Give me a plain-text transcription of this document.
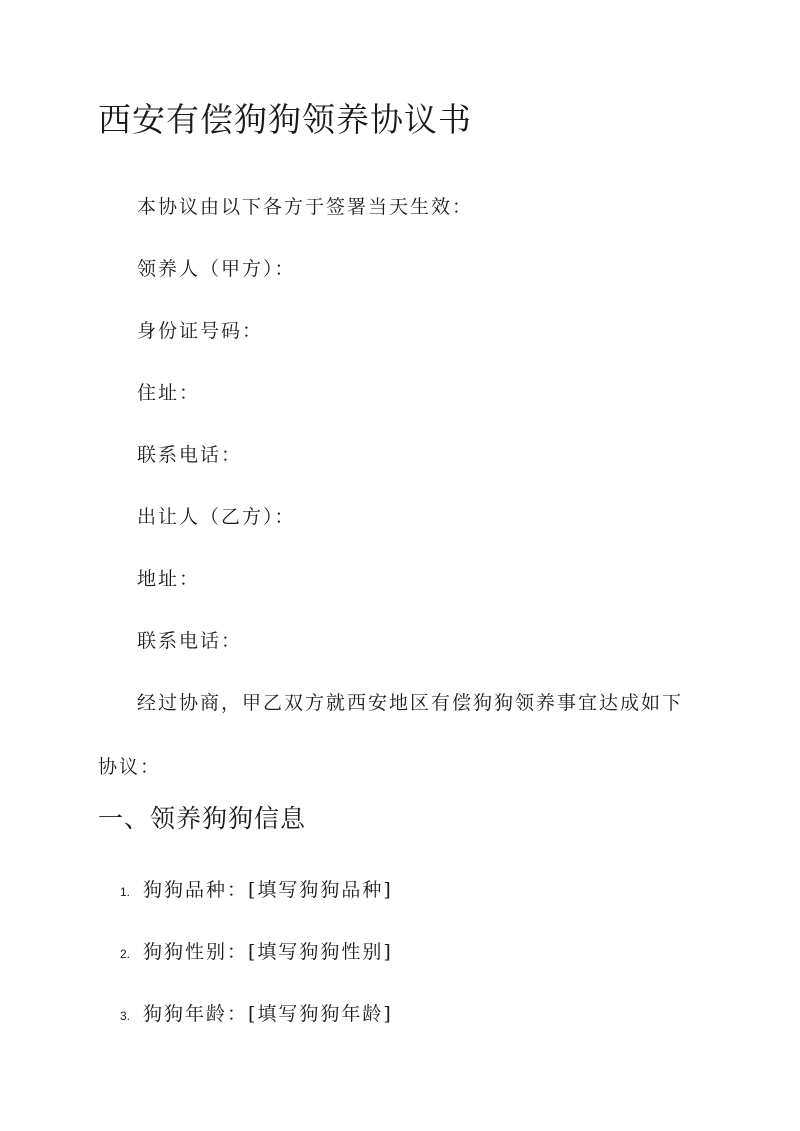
西安有偿狗狗领养协议书

本协议由以下各方于签署当天生效：

领养人（甲方）：

身份证号码：

住址：

联系电话：

出让人（乙方）：

地址：

联系电话：

经过协商，甲乙双方就西安地区有偿狗狗领养事宜达成如下协议：

一、领养狗狗信息
1. 狗狗品种：[填写狗狗品种]
2. 狗狗性别：[填写狗狗性别]
3. 狗狗年龄：[填写狗狗年龄]
